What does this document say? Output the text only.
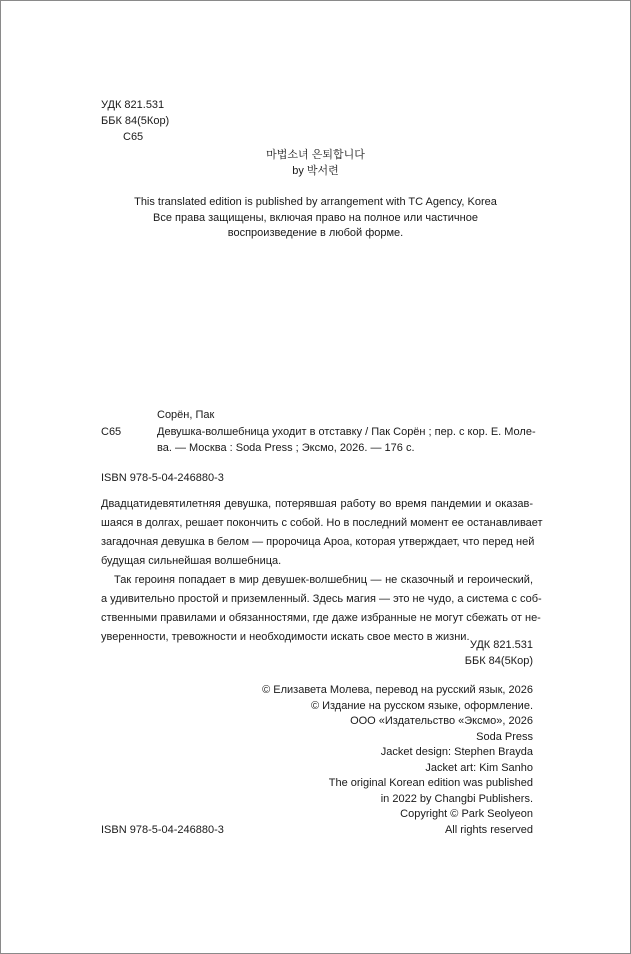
УДК 821.531
ББК 84(5Кор)
С65
마법소녀 은퇴합니다
by 박서련
This translated edition is published by arrangement with TC Agency, Korea
Все права защищены, включая право на полное или частичное
воспроизведение в любой форме.
Сорён, Пак
С65	Девушка-волшебница уходит в отставку / Пак Сорён ; пер. с кор. Е. Моле-
ва. — Москва : Soda Press ; Эксмо, 2026. — 176 с.
ISBN 978-5-04-246880-3
Двадцатидевятилетняя девушка, потерявшая работу во время пандемии и оказав-
шаяся в долгах, решает покончить с собой. Но в последний момент ее останавливает
загадочная девушка в белом — пророчица Ароа, которая утверждает, что перед ней
будущая сильнейшая волшебница.
Так героиня попадает в мир девушек-волшебниц — не сказочный и героический,
а удивительно простой и приземленный. Здесь магия — это не чудо, а система с соб-
ственными правилами и обязанностями, где даже избранные не могут сбежать от не-
уверенности, тревожности и необходимости искать свое место в жизни.
УДК 821.531
ББК 84(5Кор)
© Елизавета Молева, перевод на русский язык, 2026
© Издание на русском языке, оформление.
ООО «Издательство «Эксмо», 2026
Soda Press
Jacket design: Stephen Brayda
Jacket art: Kim Sanho
The original Korean edition was published
in 2022 by Changbi Publishers.
Copyright © Park Seolyeon
All rights reserved
ISBN 978-5-04-246880-3
